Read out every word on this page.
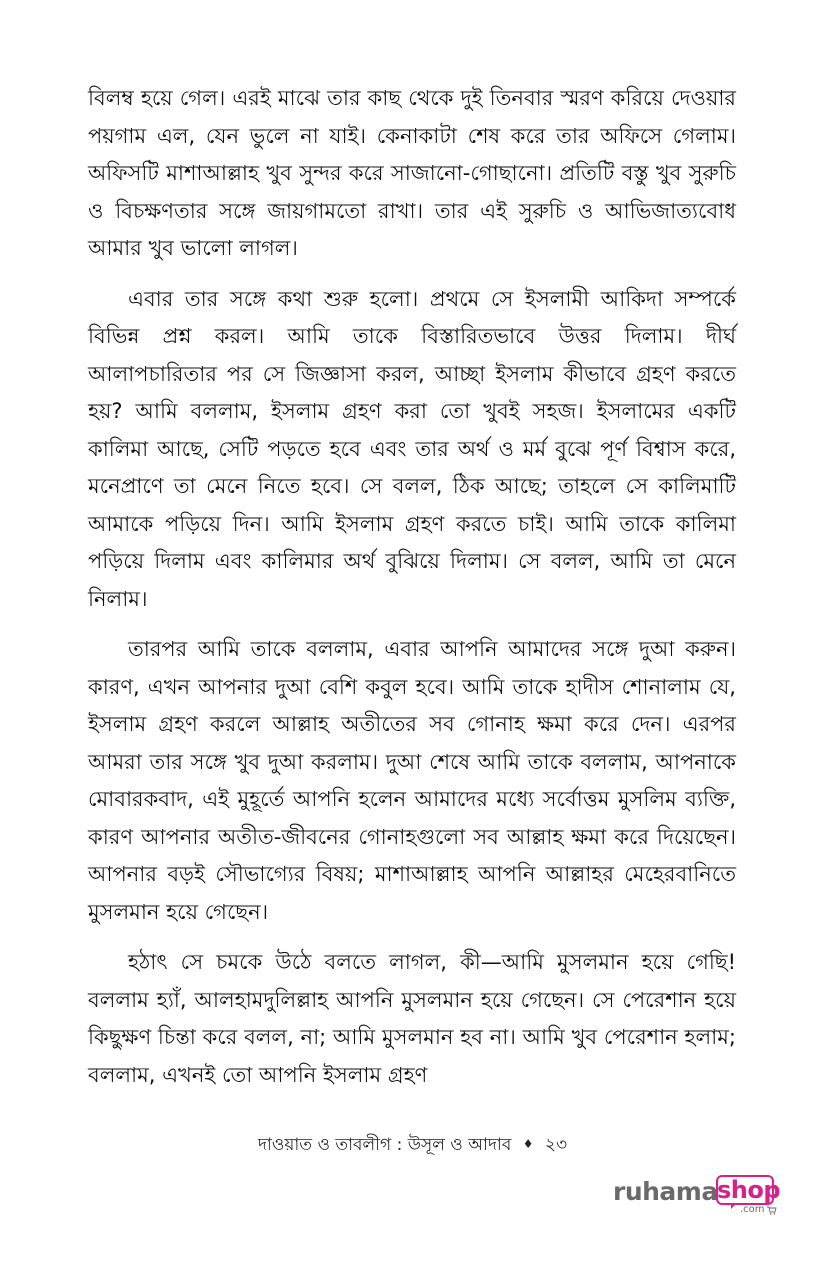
বিলম্ব হয়ে গেল। এরই মাঝে তার কাছ থেকে দুই তিনবার স্মরণ করিয়ে দেওয়ার পয়গাম এল, যেন ভুলে না যাই। কেনাকাটা শেষ করে তার অফিসে গেলাম। অফিসটি মাশাআল্লাহ খুব সুন্দর করে সাজানো-গোছানো। প্রতিটি বস্তু খুব সুরুচি ও বিচক্ষণতার সঙ্গে জায়গামতো রাখা। তার এই সুরুচি ও আভিজাত্যবোধ আমার খুব ভালো লাগল।

এবার তার সঙ্গে কথা শুরু হলো। প্রথমে সে ইসলামী আকিদা সম্পর্কে বিভিন্ন প্রশ্ন করল। আমি তাকে বিস্তারিতভাবে উত্তর দিলাম। দীর্ঘ আলাপচারিতার পর সে জিজ্ঞাসা করল, আচ্ছা ইসলাম কীভাবে গ্রহণ করতে হয়? আমি বললাম, ইসলাম গ্রহণ করা তো খুবই সহজ। ইসলামের একটি কালিমা আছে, সেটি পড়তে হবে এবং তার অর্থ ও মর্ম বুঝে পূর্ণ বিশ্বাস করে, মনেপ্রাণে তা মেনে নিতে হবে। সে বলল, ঠিক আছে; তাহলে সে কালিমাটি আমাকে পড়িয়ে দিন। আমি ইসলাম গ্রহণ করতে চাই। আমি তাকে কালিমা পড়িয়ে দিলাম এবং কালিমার অর্থ বুঝিয়ে দিলাম। সে বলল, আমি তা মেনে নিলাম।

তারপর আমি তাকে বললাম, এবার আপনি আমাদের সঙ্গে দুআ করুন। কারণ, এখন আপনার দুআ বেশি কবুল হবে। আমি তাকে হাদীস শোনালাম যে, ইসলাম গ্রহণ করলে আল্লাহ অতীতের সব গোনাহ ক্ষমা করে দেন। এরপর আমরা তার সঙ্গে খুব দুআ করলাম। দুআ শেষে আমি তাকে বললাম, আপনাকে মোবারকবাদ, এই মুহূর্তে আপনি হলেন আমাদের মধ্যে সর্বোত্তম মুসলিম ব্যক্তি, কারণ আপনার অতীত-জীবনের গোনাহগুলো সব আল্লাহ ক্ষমা করে দিয়েছেন। আপনার বড়ই সৌভাগ্যের বিষয়; মাশাআল্লাহ আপনি আল্লাহর মেহেরবানিতে মুসলমান হয়ে গেছেন।

হঠাৎ সে চমকে উঠে বলতে লাগল, কী—আমি মুসলমান হয়ে গেছি! বললাম হ্যাঁ, আলহামদুলিল্লাহ আপনি মুসলমান হয়ে গেছেন। সে পেরেশান হয়ে কিছুক্ষণ চিন্তা করে বলল, না; আমি মুসলমান হব না। আমি খুব পেরেশান হলাম; বললাম, এখনই তো আপনি ইসলাম গ্রহণ

দাওয়াত ও তাবলীগ : উসূল ও আদাব ♦ ২৩
ruhama shop
.com
